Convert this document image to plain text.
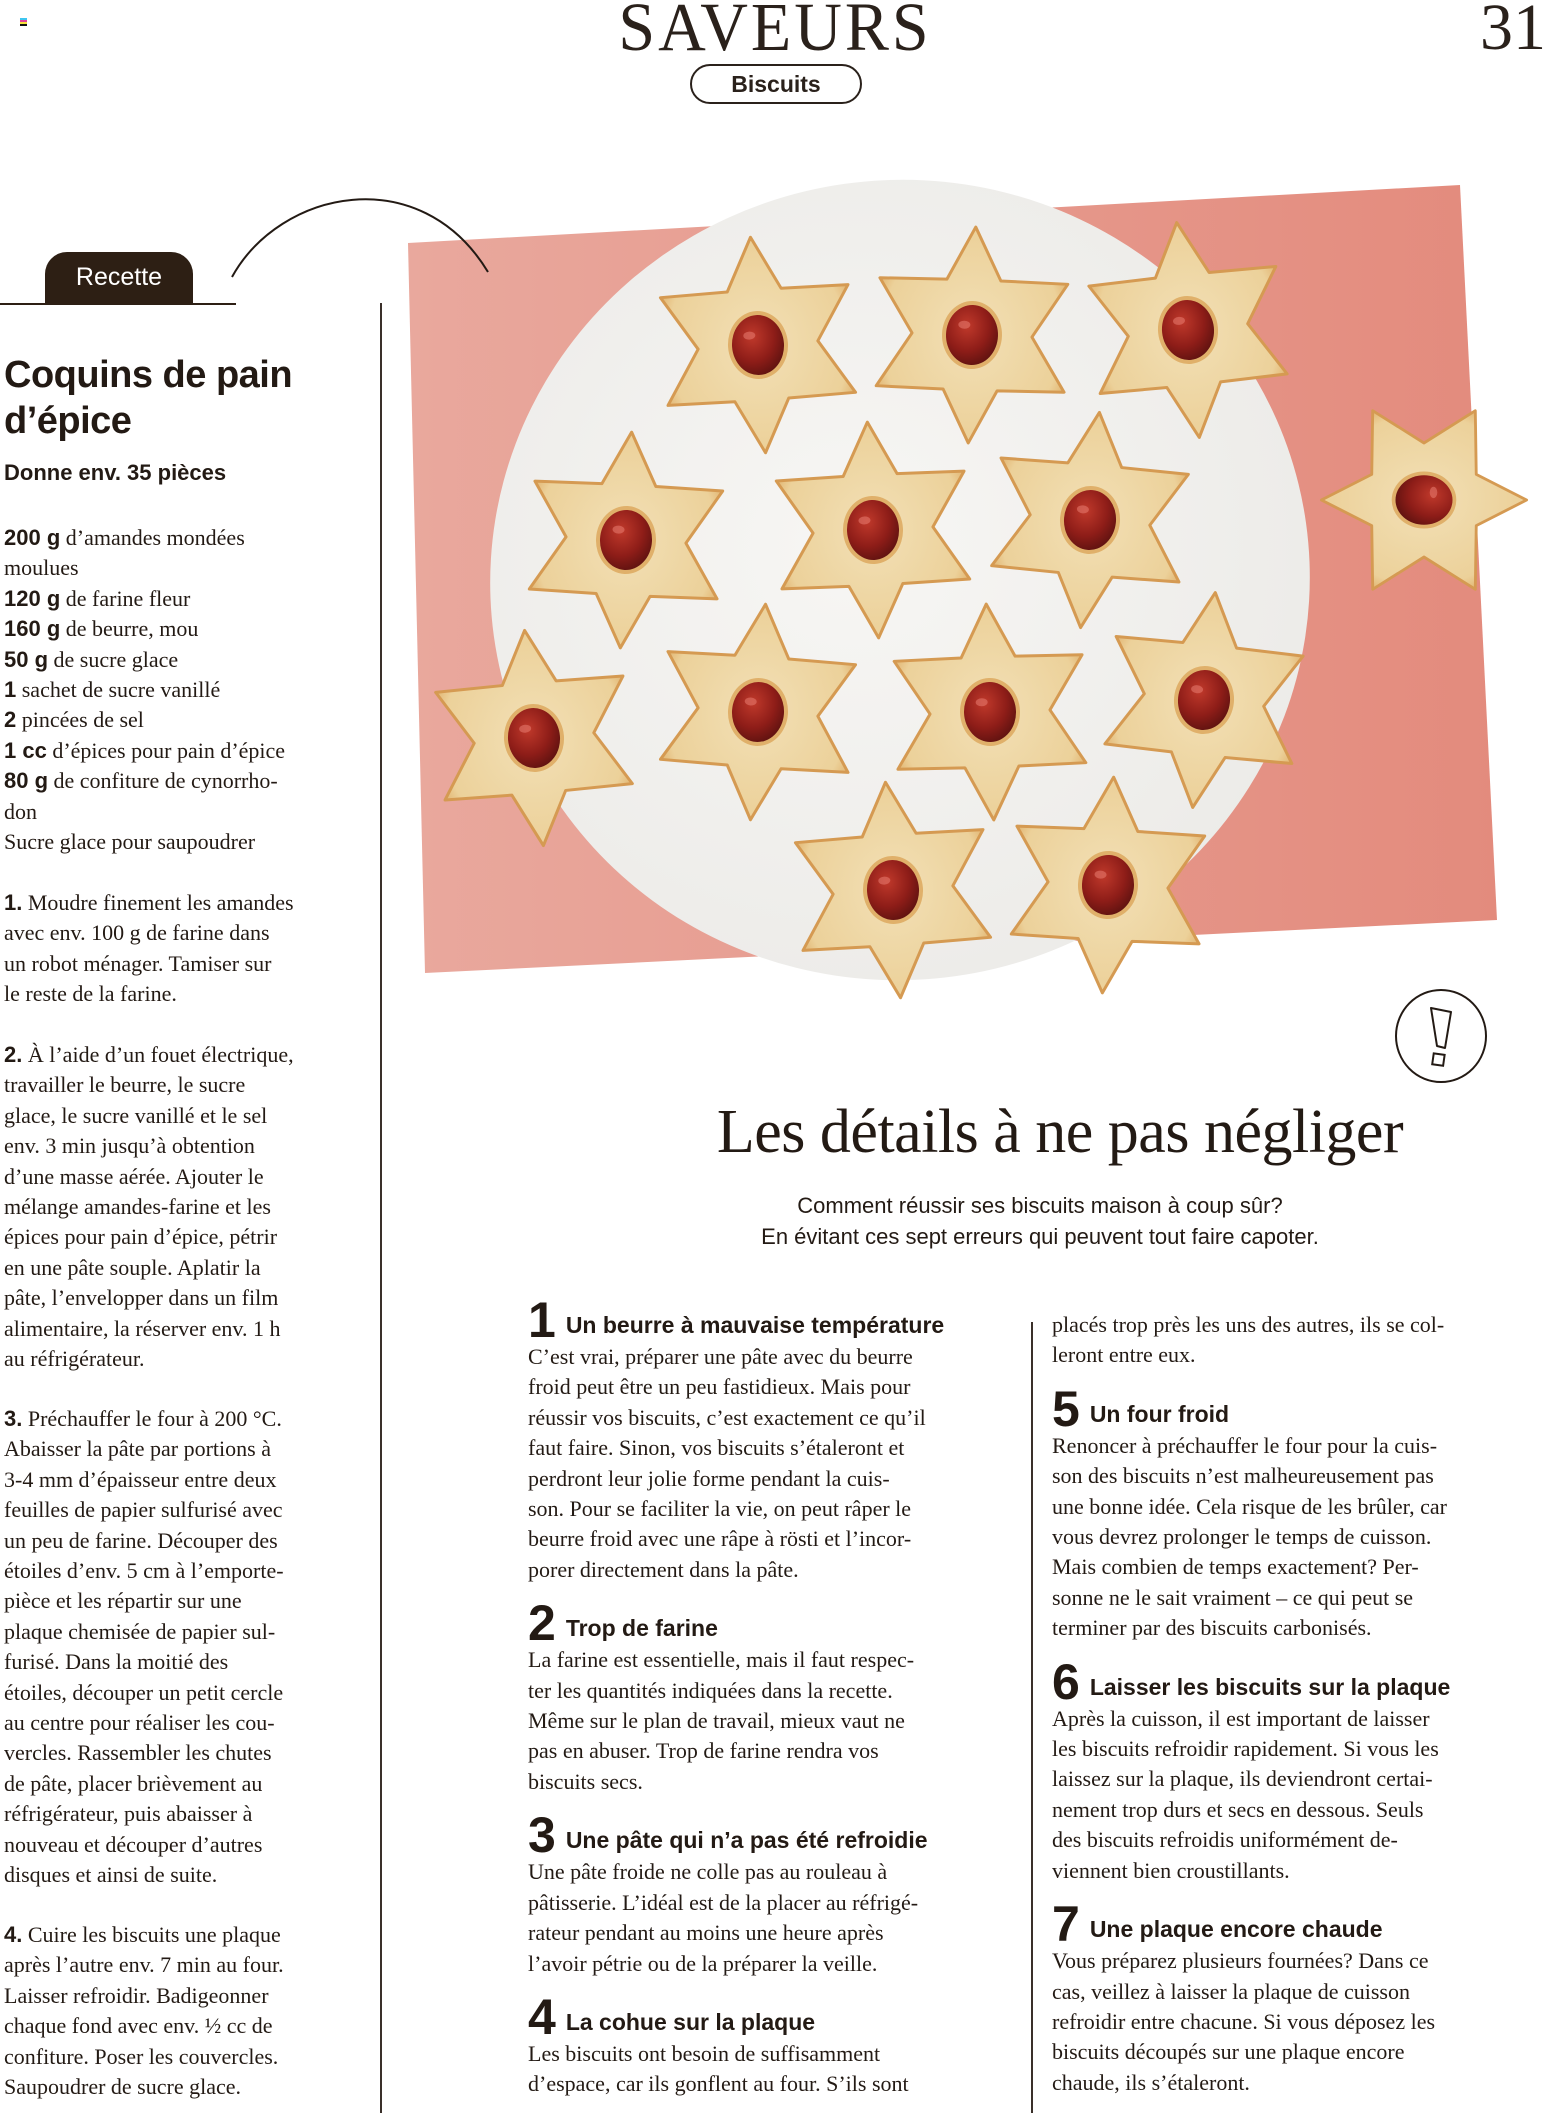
SAVEURS	31
Biscuits
Recette
Coquins de pain
d’épice
Donne env. 35 pièces
200 g d’amandes mondées
moulues
120 g de farine fleur
160 g de beurre, mou
50 g de sucre glace
1 sachet de sucre vanillé
2 pincées de sel
1 cc d’épices pour pain d’épice
80 g de confiture de cynorrho-
don
Sucre glace pour saupoudrer
1. Moudre finement les amandes
avec env. 100 g de farine dans
un robot ménager. Tamiser sur
le reste de la farine.
2. À l’aide d’un fouet électrique,
travailler le beurre, le sucre
glace, le sucre vanillé et le sel
env. 3 min jusqu’à obtention
d’une masse aérée. Ajouter le
mélange amandes-farine et les
épices pour pain d’épice, pétrir
en une pâte souple. Aplatir la
pâte, l’envelopper dans un film
alimentaire, la réserver env. 1 h
au réfrigérateur.
3. Préchauffer le four à 200 °C.
Abaisser la pâte par portions à
3-4 mm d’épaisseur entre deux
feuilles de papier sulfurisé avec
un peu de farine. Découper des
étoiles d’env. 5 cm à l’emporte-
pièce et les répartir sur une
plaque chemisée de papier sul-
furisé. Dans la moitié des
étoiles, découper un petit cercle
au centre pour réaliser les cou-
vercles. Rassembler les chutes
de pâte, placer brièvement au
réfrigérateur, puis abaisser à
nouveau et découper d’autres
disques et ainsi de suite.
4. Cuire les biscuits une plaque
après l’autre env. 7 min au four.
Laisser refroidir. Badigeonner
chaque fond avec env. ½ cc de
confiture. Poser les couvercles.
Saupoudrer de sucre glace.
Les détails à ne pas négliger
Comment réussir ses biscuits maison à coup sûr?
En évitant ces sept erreurs qui peuvent tout faire capoter.
1 Un beurre à mauvaise température
C’est vrai, préparer une pâte avec du beurre
froid peut être un peu fastidieux. Mais pour
réussir vos biscuits, c’est exactement ce qu’il
faut faire. Sinon, vos biscuits s’étaleront et
perdront leur jolie forme pendant la cuis-
son. Pour se faciliter la vie, on peut râper le
beurre froid avec une râpe à rösti et l’incor-
porer directement dans la pâte.
2 Trop de farine
La farine est essentielle, mais il faut respec-
ter les quantités indiquées dans la recette.
Même sur le plan de travail, mieux vaut ne
pas en abuser. Trop de farine rendra vos
biscuits secs.
3 Une pâte qui n’a pas été refroidie
Une pâte froide ne colle pas au rouleau à
pâtisserie. L’idéal est de la placer au réfrigé-
rateur pendant au moins une heure après
l’avoir pétrie ou de la préparer la veille.
4 La cohue sur la plaque
Les biscuits ont besoin de suffisamment
d’espace, car ils gonflent au four. S’ils sont
placés trop près les uns des autres, ils se col-
leront entre eux.
5 Un four froid
Renoncer à préchauffer le four pour la cuis-
son des biscuits n’est malheureusement pas
une bonne idée. Cela risque de les brûler, car
vous devrez prolonger le temps de cuisson.
Mais combien de temps exactement? Per-
sonne ne le sait vraiment – ce qui peut se
terminer par des biscuits carbonisés.
6 Laisser les biscuits sur la plaque
Après la cuisson, il est important de laisser
les biscuits refroidir rapidement. Si vous les
laissez sur la plaque, ils deviendront certai-
nement trop durs et secs en dessous. Seuls
des biscuits refroidis uniformément de-
viennent bien croustillants.
7 Une plaque encore chaude
Vous préparez plusieurs fournées? Dans ce
cas, veillez à laisser la plaque de cuisson
refroidir entre chacune. Si vous déposez les
biscuits découpés sur une plaque encore
chaude, ils s’étaleront.
